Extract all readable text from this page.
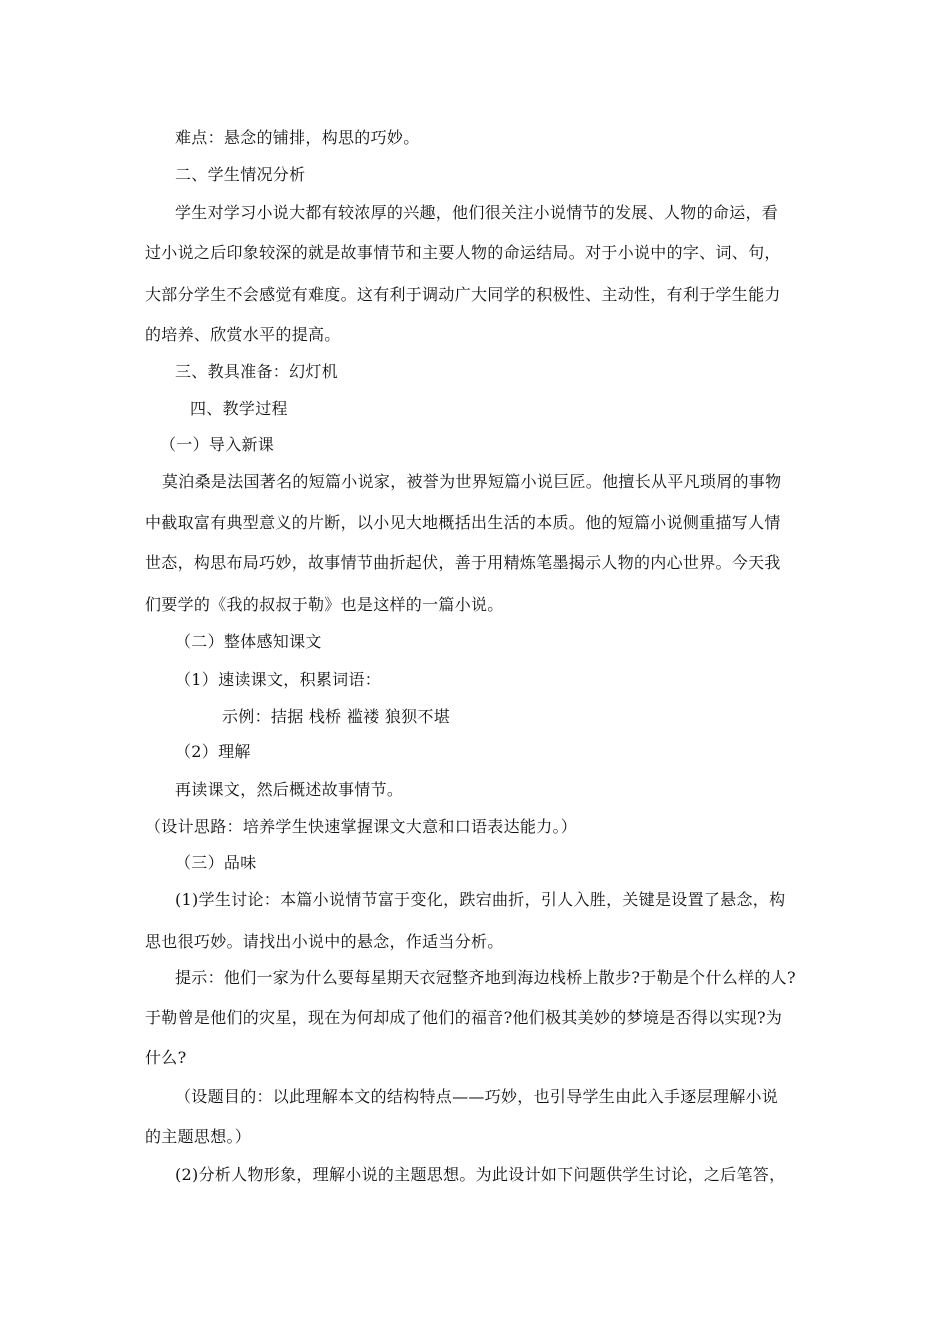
难点：悬念的铺排，构思的巧妙。
二、学生情况分析
学生对学习小说大都有较浓厚的兴趣，他们很关注小说情节的发展、人物的命运，看
过小说之后印象较深的就是故事情节和主要人物的命运结局。对于小说中的字、词、句，
大部分学生不会感觉有难度。这有利于调动广大同学的积极性、主动性，有利于学生能力
的培养、欣赏水平的提高。
三、教具准备：幻灯机
四、教学过程
（一）导入新课
莫泊桑是法国著名的短篇小说家，被誉为世界短篇小说巨匠。他擅长从平凡琐屑的事物
中截取富有典型意义的片断，以小见大地概括出生活的本质。他的短篇小说侧重描写人情
世态，构思布局巧妙，故事情节曲折起伏，善于用精炼笔墨揭示人物的内心世界。今天我
们要学的《我的叔叔于勒》也是这样的一篇小说。
（二）整体感知课文
（1）速读课文，积累词语：
示例：拮据 栈桥 褴褛 狼狈不堪
（2）理解
再读课文，然后概述故事情节。
（设计思路：培养学生快速掌握课文大意和口语表达能力。）
（三）品味
(1)学生讨论：本篇小说情节富于变化，跌宕曲折，引人入胜，关键是设置了悬念，构
思也很巧妙。请找出小说中的悬念，作适当分析。
提示：他们一家为什么要每星期天衣冠整齐地到海边栈桥上散步?于勒是个什么样的人?
于勒曾是他们的灾星，现在为何却成了他们的福音?他们极其美妙的梦境是否得以实现?为
什么?
（设题目的：以此理解本文的结构特点——巧妙，也引导学生由此入手逐层理解小说
的主题思想。）
(2)分析人物形象，理解小说的主题思想。为此设计如下问题供学生讨论，之后笔答，
